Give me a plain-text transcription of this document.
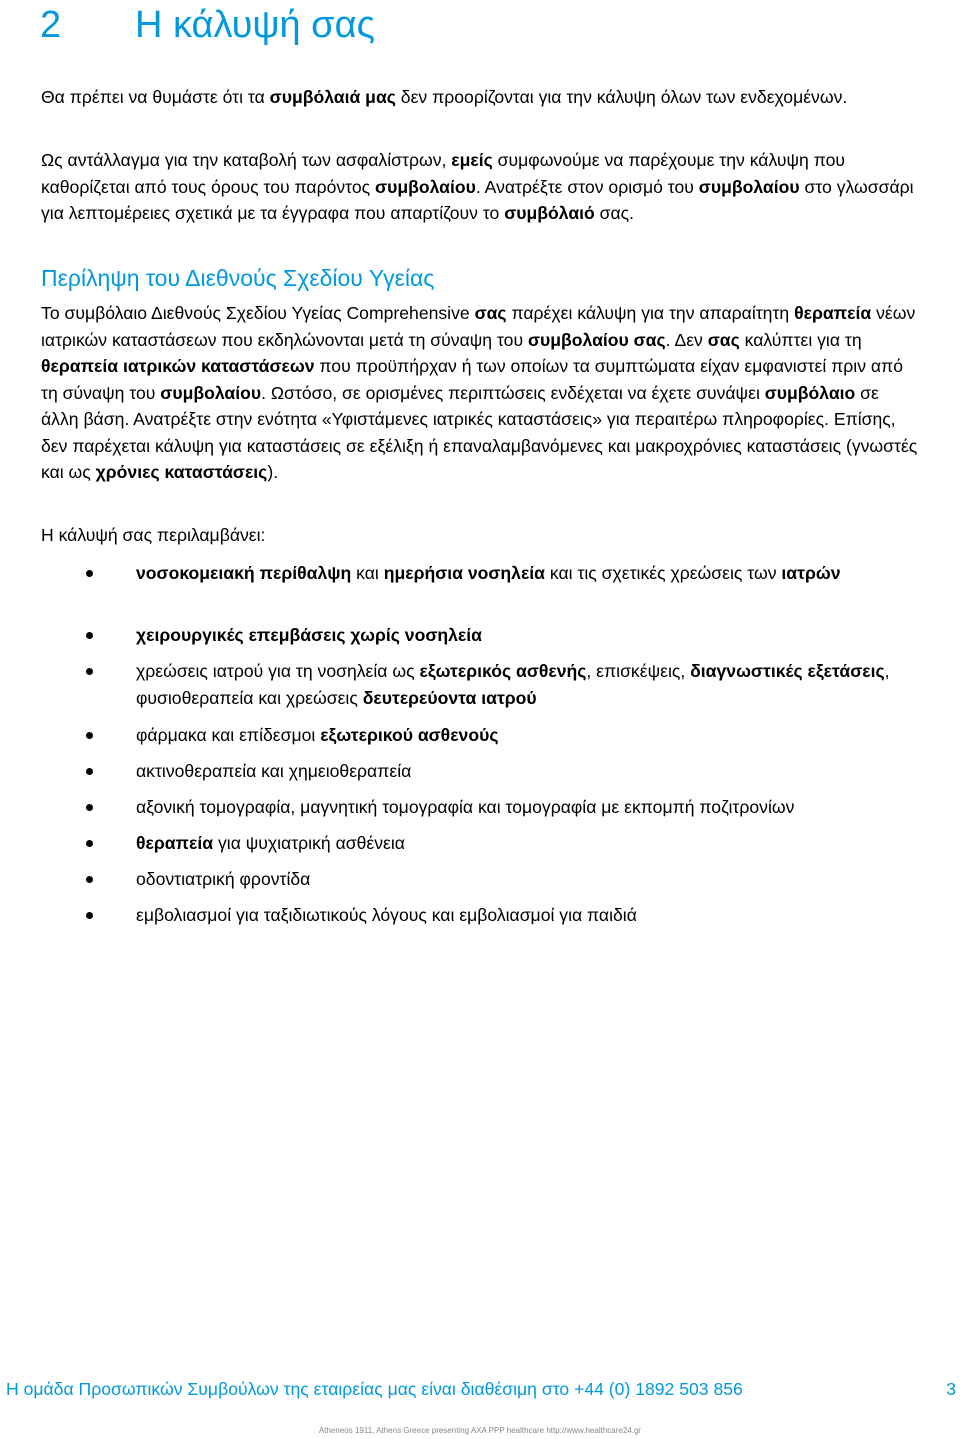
2 Η κάλυψή σας

Θα πρέπει να θυμάστε ότι τα συμβόλαιά μας δεν προορίζονται για την κάλυψη όλων των ενδεχομένων.

Ως αντάλλαγμα για την καταβολή των ασφαλίστρων, εμείς συμφωνούμε να παρέχουμε την κάλυψη που καθορίζεται από τους όρους του παρόντος συμβολαίου. Ανατρέξτε στον ορισμό του συμβολαίου στο γλωσσάρι για λεπτομέρειες σχετικά με τα έγγραφα που απαρτίζουν το συμβόλαιό σας.

Περίληψη του Διεθνούς Σχεδίου Υγείας

Το συμβόλαιο Διεθνούς Σχεδίου Υγείας Comprehensive σας παρέχει κάλυψη για την απαραίτητη θεραπεία νέων ιατρικών καταστάσεων που εκδηλώνονται μετά τη σύναψη του συμβολαίου σας. Δεν σας καλύπτει για τη θεραπεία ιατρικών καταστάσεων που προϋπήρχαν ή των οποίων τα συμπτώματα είχαν εμφανιστεί πριν από τη σύναψη του συμβολαίου. Ωστόσο, σε ορισμένες περιπτώσεις ενδέχεται να έχετε συνάψει συμβόλαιο σε άλλη βάση. Ανατρέξτε στην ενότητα «Υφιστάμενες ιατρικές καταστάσεις» για περαιτέρω πληροφορίες. Επίσης, δεν παρέχεται κάλυψη για καταστάσεις σε εξέλιξη ή επαναλαμβανόμενες και μακροχρόνιες καταστάσεις (γνωστές και ως χρόνιες καταστάσεις).

Η κάλυψή σας περιλαμβάνει:

νοσοκομειακή περίθαλψη και ημερήσια νοσηλεία και τις σχετικές χρεώσεις των ιατρών
χειρουργικές επεμβάσεις χωρίς νοσηλεία
χρεώσεις ιατρού για τη νοσηλεία ως εξωτερικός ασθενής, επισκέψεις, διαγνωστικές εξετάσεις, φυσιοθεραπεία και χρεώσεις δευτερεύοντα ιατρού
φάρμακα και επίδεσμοι εξωτερικού ασθενούς
ακτινοθεραπεία και χημειοθεραπεία
αξονική τομογραφία, μαγνητική τομογραφία και τομογραφία με εκπομπή ποζιτρονίων
θεραπεία για ψυχιατρική ασθένεια
οδοντιατρική φροντίδα
εμβολιασμοί για ταξιδιωτικούς λόγους και εμβολιασμοί για παιδιά
Η ομάδα Προσωπικών Συμβούλων της εταιρείας μας είναι διαθέσιμη στο +44 (0) 1892 503 856	3
Atheneos 1911, Athens Greece presenting AXA PPP healthcare http://www.healthcare24.gr
